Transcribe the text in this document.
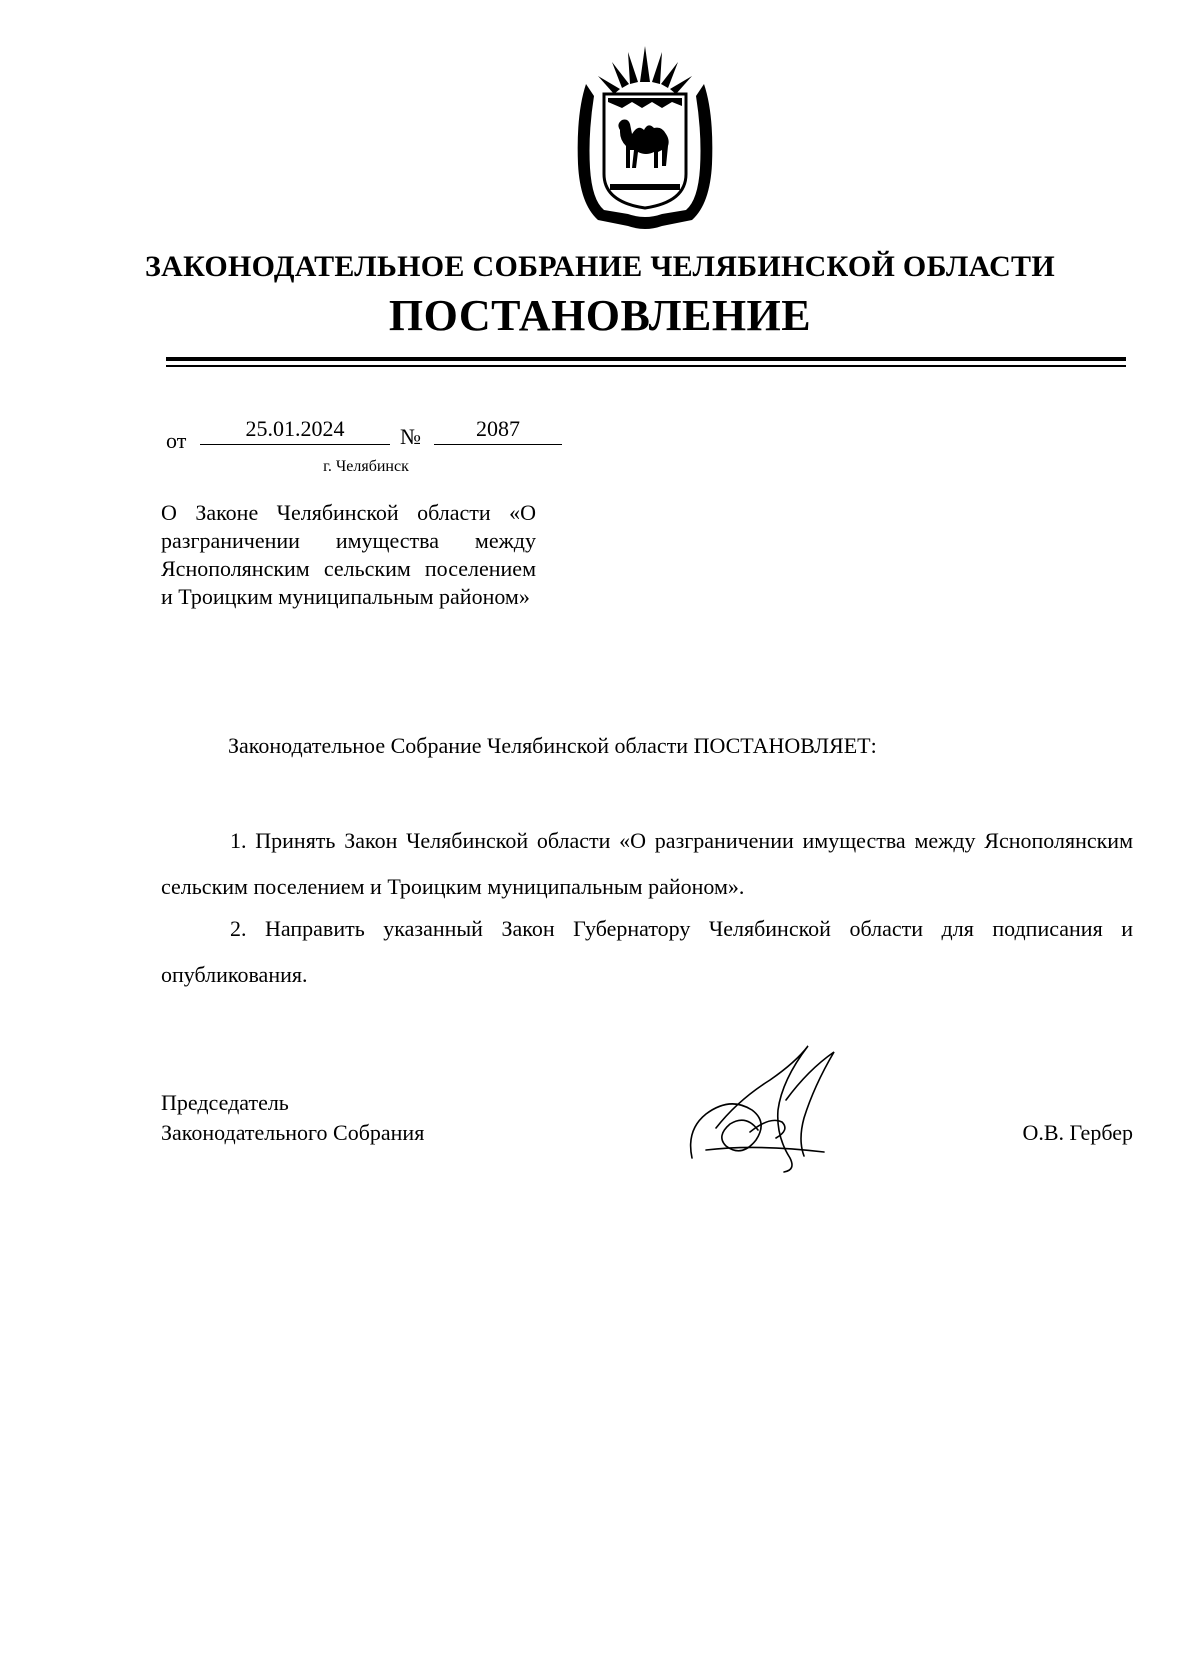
ЗАКОНОДАТЕЛЬНОЕ СОБРАНИЕ ЧЕЛЯБИНСКОЙ ОБЛАСТИ
ПОСТАНОВЛЕНИЕ
от	25.01.2024	№	2087
г. Челябинск
О Законе Челябинской области «О разграничении имущества между Яснополянским сельским поселением и Троицким муниципальным районом»
Законодательное Собрание Челябинской области ПОСТАНОВЛЯЕТ:
1. Принять Закон Челябинской области «О разграничении имущества между Яснополянским сельским поселением и Троицким муниципальным районом».
2. Направить указанный Закон Губернатору Челябинской области для подписания и опубликования.
Председатель
Законодательного Собрания	О.В. Гербер
